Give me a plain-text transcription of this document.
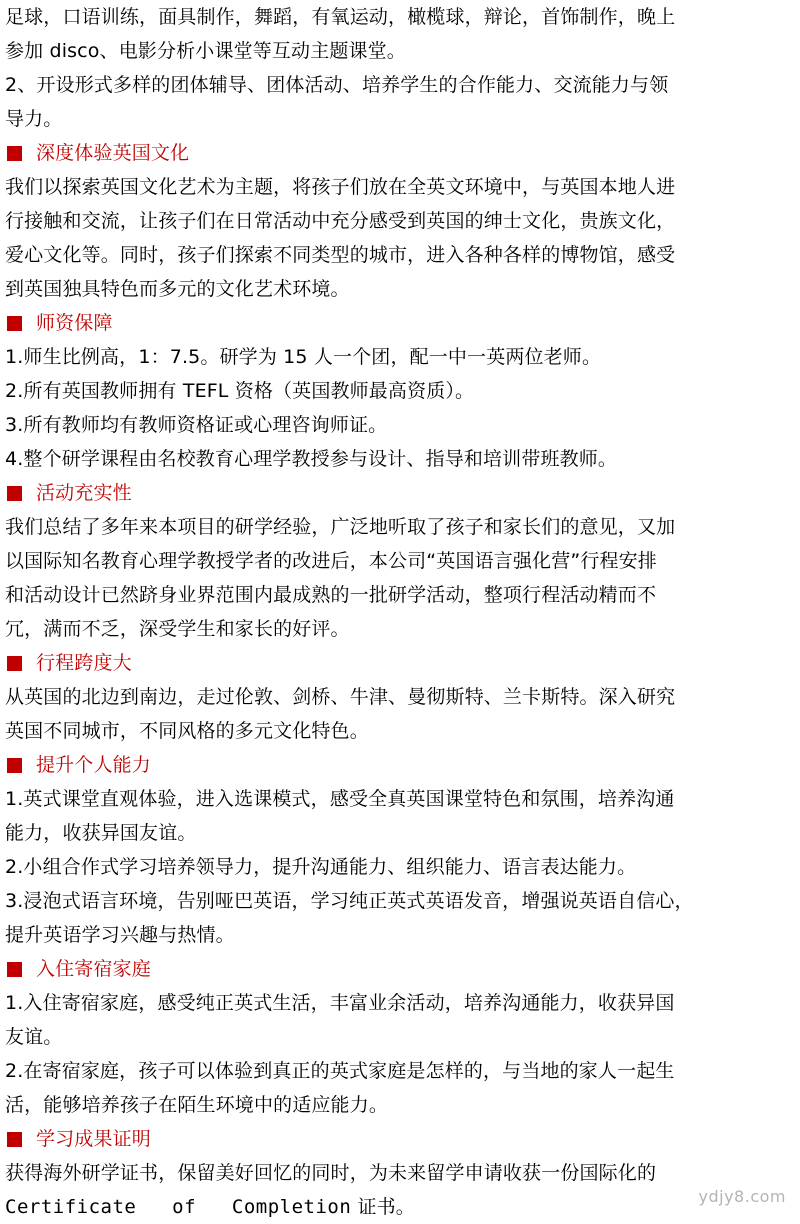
足球，口语训练，面具制作，舞蹈，有氧运动，橄榄球，辩论，首饰制作，晚上
参加 disco、电影分析小课堂等互动主题课堂。
2、开设形式多样的团体辅导、团体活动、培养学生的合作能力、交流能力与领
导力。
深度体验英国文化
我们以探索英国文化艺术为主题，将孩子们放在全英文环境中，与英国本地人进
行接触和交流，让孩子们在日常活动中充分感受到英国的绅士文化，贵族文化，
爱心文化等。同时，孩子们探索不同类型的城市，进入各种各样的博物馆，感受
到英国独具特色而多元的文化艺术环境。
师资保障
1.师生比例高，1：7.5。研学为 15 人一个团，配一中一英两位老师。
2.所有英国教师拥有 TEFL 资格（英国教师最高资质）。
3.所有教师均有教师资格证或心理咨询师证。
4.整个研学课程由名校教育心理学教授参与设计、指导和培训带班教师。
活动充实性
我们总结了多年来本项目的研学经验，广泛地听取了孩子和家长们的意见，又加
以国际知名教育心理学教授学者的改进后，本公司“英国语言强化营”行程安排
和活动设计已然跻身业界范围内最成熟的一批研学活动，整项行程活动精而不
冗，满而不乏，深受学生和家长的好评。
行程跨度大
从英国的北边到南边，走过伦敦、剑桥、牛津、曼彻斯特、兰卡斯特。深入研究
英国不同城市，不同风格的多元文化特色。
提升个人能力
1.英式课堂直观体验，进入选课模式，感受全真英国课堂特色和氛围，培养沟通
能力，收获异国友谊。
2.小组合作式学习培养领导力，提升沟通能力、组织能力、语言表达能力。
3.浸泡式语言环境，告别哑巴英语，学习纯正英式英语发音，增强说英语自信心，
提升英语学习兴趣与热情。
入住寄宿家庭
1.入住寄宿家庭，感受纯正英式生活，丰富业余活动，培养沟通能力，收获异国
友谊。
2.在寄宿家庭，孩子可以体验到真正的英式家庭是怎样的，与当地的家人一起生
活，能够培养孩子在陌生环境中的适应能力。
学习成果证明
获得海外研学证书，保留美好回忆的同时，为未来留学申请收获一份国际化的
Certificate of Completion 证书。	ydjy8.com
